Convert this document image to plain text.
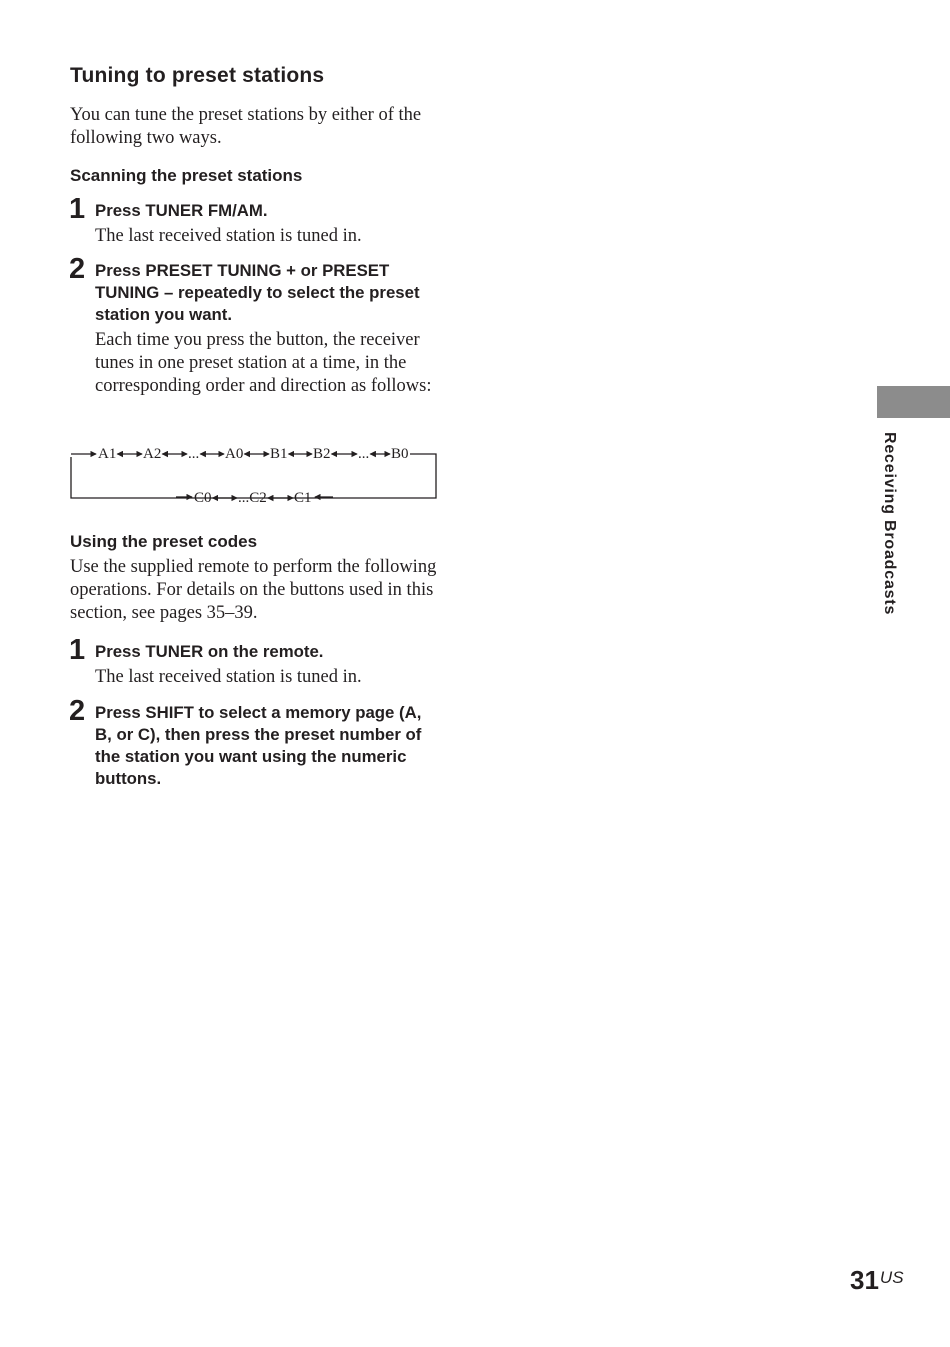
Tuning to preset stations

You can tune the preset stations by either of the following two ways.

Scanning the preset stations
1 Press TUNER FM/AM.

The last received station is tuned in.

2 Press PRESET TUNING + or PRESET TUNING – repeatedly to select the preset station you want.

Each time you press the button, the receiver tunes in one preset station at a time, in the corresponding order and direction as follows:

A1 A2 ... A0 B1 B2 ... B0
C0 ...C2 C1
Using the preset codes

Use the supplied remote to perform the following operations. For details on the buttons used in this section, see pages 35–39.

1 Press TUNER on the remote.

The last received station is tuned in.

2 Press SHIFT to select a memory page (A, B, or C), then press the preset number of the station you want using the numeric buttons.

Receiving Broadcasts
31US
